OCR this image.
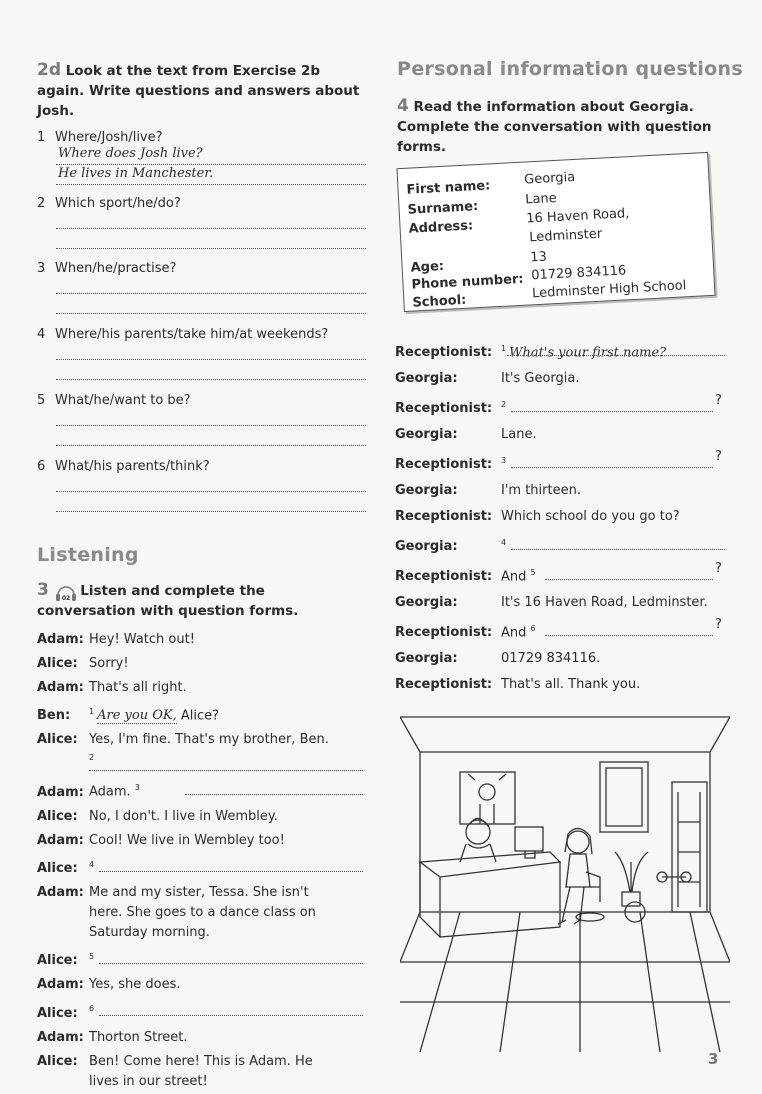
2d Look at the text from Exercise 2b
again. Write questions and answers about
Josh.
1 Where/Josh/live?
Where does Josh live?
He lives in Manchester.
2 Which sport/he/do?
3 When/he/practise?
4 Where/his parents/take him/at weekends?
5 What/he/want to be?
6 What/his parents/think?
Listening
3 02 Listen and complete the
conversation with question forms.
Adam: Hey! Watch out!
Alice: Sorry!
Adam: That's all right.
Ben: $^1$ Are you OK, Alice?
Alice: Yes, I'm fine. That's my brother, Ben.
2
Adam: Adam. $^3$
Alice: No, I don't. I live in Wembley.
Adam: Cool! We live in Wembley too!
Alice: $^4$
Adam: Me and my sister, Tessa. She isn't
here. She goes to a dance class on
Saturday morning.
Alice: $^5$
Adam: Yes, she does.
Alice: $^6$
Adam: Thorton Street.
Alice: Ben! Come here! This is Adam. He
lives in our street!
Personal information questions
4 Read the information about Georgia.
Complete the conversation with question
forms.
First name:	Georgia
Surname:	Lane
Address:
16 Haven Road,
Ledminster
Age:
13
Phone number: 01729 834116
School:
Ledminster High School
Receptionist: $^1$ What's your first name?
Georgia:	It's Georgia.
Receptionist: $^2$	?
Georgia:	Lane.
Receptionist: $^3$	?
Georgia:	I'm thirteen.
Receptionist: Which school do you go to?
Georgia:	$^4$
Receptionist: And $^5$	?
Georgia:	It's 16 Haven Road, Ledminster.
Receptionist: And $^6$	?
Georgia:	01729 834116.
Receptionist: That's all. Thank you.
3
